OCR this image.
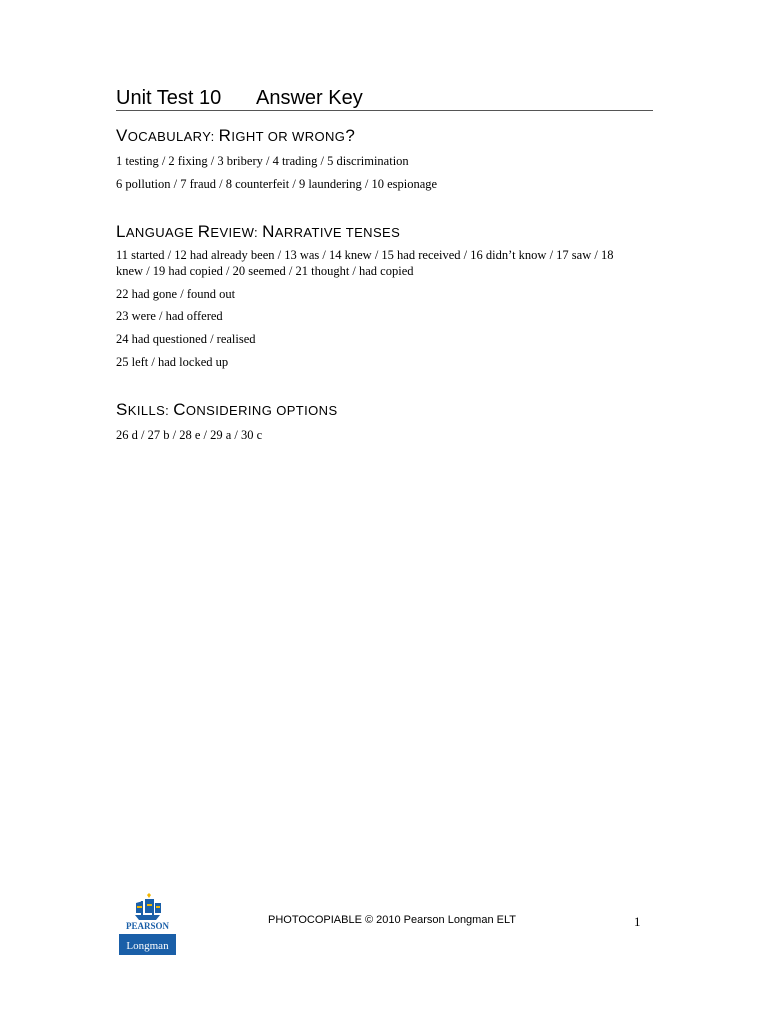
Unit Test 10 Answer Key
VOCABULARY: RIGHT OR WRONG?
1 testing / 2 fixing / 3 bribery / 4 trading / 5 discrimination
6 pollution / 7 fraud / 8 counterfeit / 9 laundering / 10 espionage
LANGUAGE REVIEW: NARRATIVE TENSES
11 started / 12 had already been / 13 was / 14 knew / 15 had received / 16 didn’t know / 17 saw / 18 knew / 19 had copied / 20 seemed / 21 thought / had copied
22 had gone / found out
23 were / had offered
24 had questioned / realised
25 left / had locked up
SKILLS: CONSIDERING OPTIONS
26 d / 27 b / 28 e / 29 a / 30 c
PEARSON
Longman
PHOTOCOPIABLE © 2010 Pearson Longman ELT	1
